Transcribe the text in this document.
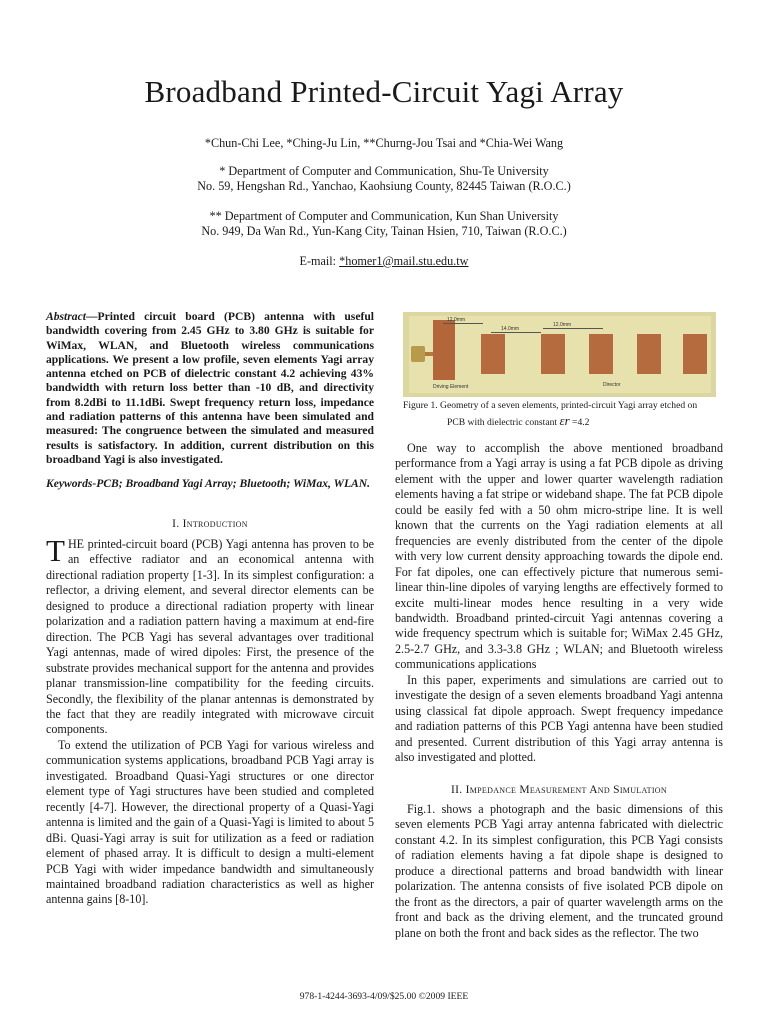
Broadband Printed-Circuit Yagi Array
*Chun-Chi Lee, *Ching-Ju Lin, **Churng-Jou Tsai and *Chia-Wei Wang
* Department of Computer and Communication, Shu-Te University
No. 59, Hengshan Rd., Yanchao, Kaohsiung County, 82445 Taiwan (R.O.C.)
** Department of Computer and Communication, Kun Shan University
No. 949, Da Wan Rd., Yun-Kang City, Tainan Hsien, 710, Taiwan (R.O.C.)
E-mail: *homer1@mail.stu.edu.tw
Abstract—Printed circuit board (PCB) antenna with useful bandwidth covering from 2.45 GHz to 3.80 GHz is suitable for WiMax, WLAN, and Bluetooth wireless communications applications. We present a low profile, seven elements Yagi array antenna etched on PCB of dielectric constant 4.2 achieving 43% bandwidth with return loss better than -10 dB, and directivity from 8.2dBi to 11.1dBi. Swept frequency return loss, impedance and radiation patterns of this antenna have been simulated and measured: The congruence between the simulated and measured results is satisfactory. In addition, current distribution on this broadband Yagi is also investigated.
Keywords-PCB; Broadband Yagi Array; Bluetooth; WiMax, WLAN.
I. Introduction

THE printed-circuit board (PCB) Yagi antenna has proven to be an effective radiator and an economical antenna with directional radiation property [1-3]. In its simplest configuration: a reflector, a driving element, and several director elements can be designed to produce a directional radiation property with linear polarization and a radiation pattern having a maximum at end-fire direction. The PCB Yagi has several advantages over traditional Yagi antennas, made of wired dipoles: First, the presence of the substrate provides mechanical support for the antenna and provides planar transmission-line compatibility for the feeding circuits. Secondly, the flexibility of the planar antennas is demonstrated by the fact that they are readily integrated with microwave circuit components.

To extend the utilization of PCB Yagi for various wireless and communication systems applications, broadband PCB Yagi array is investigated. Broadband Quasi-Yagi structures or one director element type of Yagi structures have been studied and completed recently [4-7]. However, the directional property of a Quasi-Yagi antenna is limited and the gain of a Quasi-Yagi is limited to about 5 dBi. Quasi-Yagi array is suit for utilization as a feed or radiation element of phased array. It is difficult to design a multi-element PCB Yagi with wider impedance bandwidth and simultaneously maintained broadband radiation characteristics as well as higher antenna gains [8-10].

12.0mm
14.0mm
12.0mm
Director
Driving Element
Figure 1. Geometry of a seven elements, printed-circuit Yagi array etched on
PCB with dielectric constant εr =4.2

One way to accomplish the above mentioned broadband performance from a Yagi array is using a fat PCB dipole as driving element with the upper and lower quarter wavelength radiation elements having a fat stripe or wideband shape. The fat PCB dipole could be easily fed with a 50 ohm micro-stripe line. It is well known that the currents on the Yagi radiation elements at all frequencies are evenly distributed from the center of the dipole with very low current density approaching towards the dipole end. For fat dipoles, one can effectively picture that numerous semi-linear thin-line dipoles of varying lengths are effectively formed to excite multi-linear modes hence resulting in a very wide bandwidth. Broadband printed-circuit Yagi antennas covering a wide frequency spectrum which is suitable for; WiMax 2.45 GHz, 2.5-2.7 GHz, and 3.3-3.8 GHz ; WLAN; and Bluetooth wireless communications applications

In this paper, experiments and simulations are carried out to investigate the design of a seven elements broadband Yagi antenna using classical fat dipole approach. Swept frequency impedance and radiation patterns of this PCB Yagi antenna have been studied and presented. Current distribution of this Yagi array antenna is also investigated and plotted.

II. Impedance Measurement And Simulation

Fig.1. shows a photograph and the basic dimensions of this seven elements PCB Yagi array antenna fabricated with dielectric constant 4.2. In its simplest configuration, this PCB Yagi consists of radiation elements having a fat dipole shape is designed to produce a directional patterns and broad bandwidth with linear polarization. The antenna consists of five isolated PCB dipole on the front as the directors, a pair of quarter wavelength arms on the front and back as the driving element, and the truncated ground plane on both the front and back sides as the reflector. The two

978-1-4244-3693-4/09/$25.00 ©2009 IEEE
